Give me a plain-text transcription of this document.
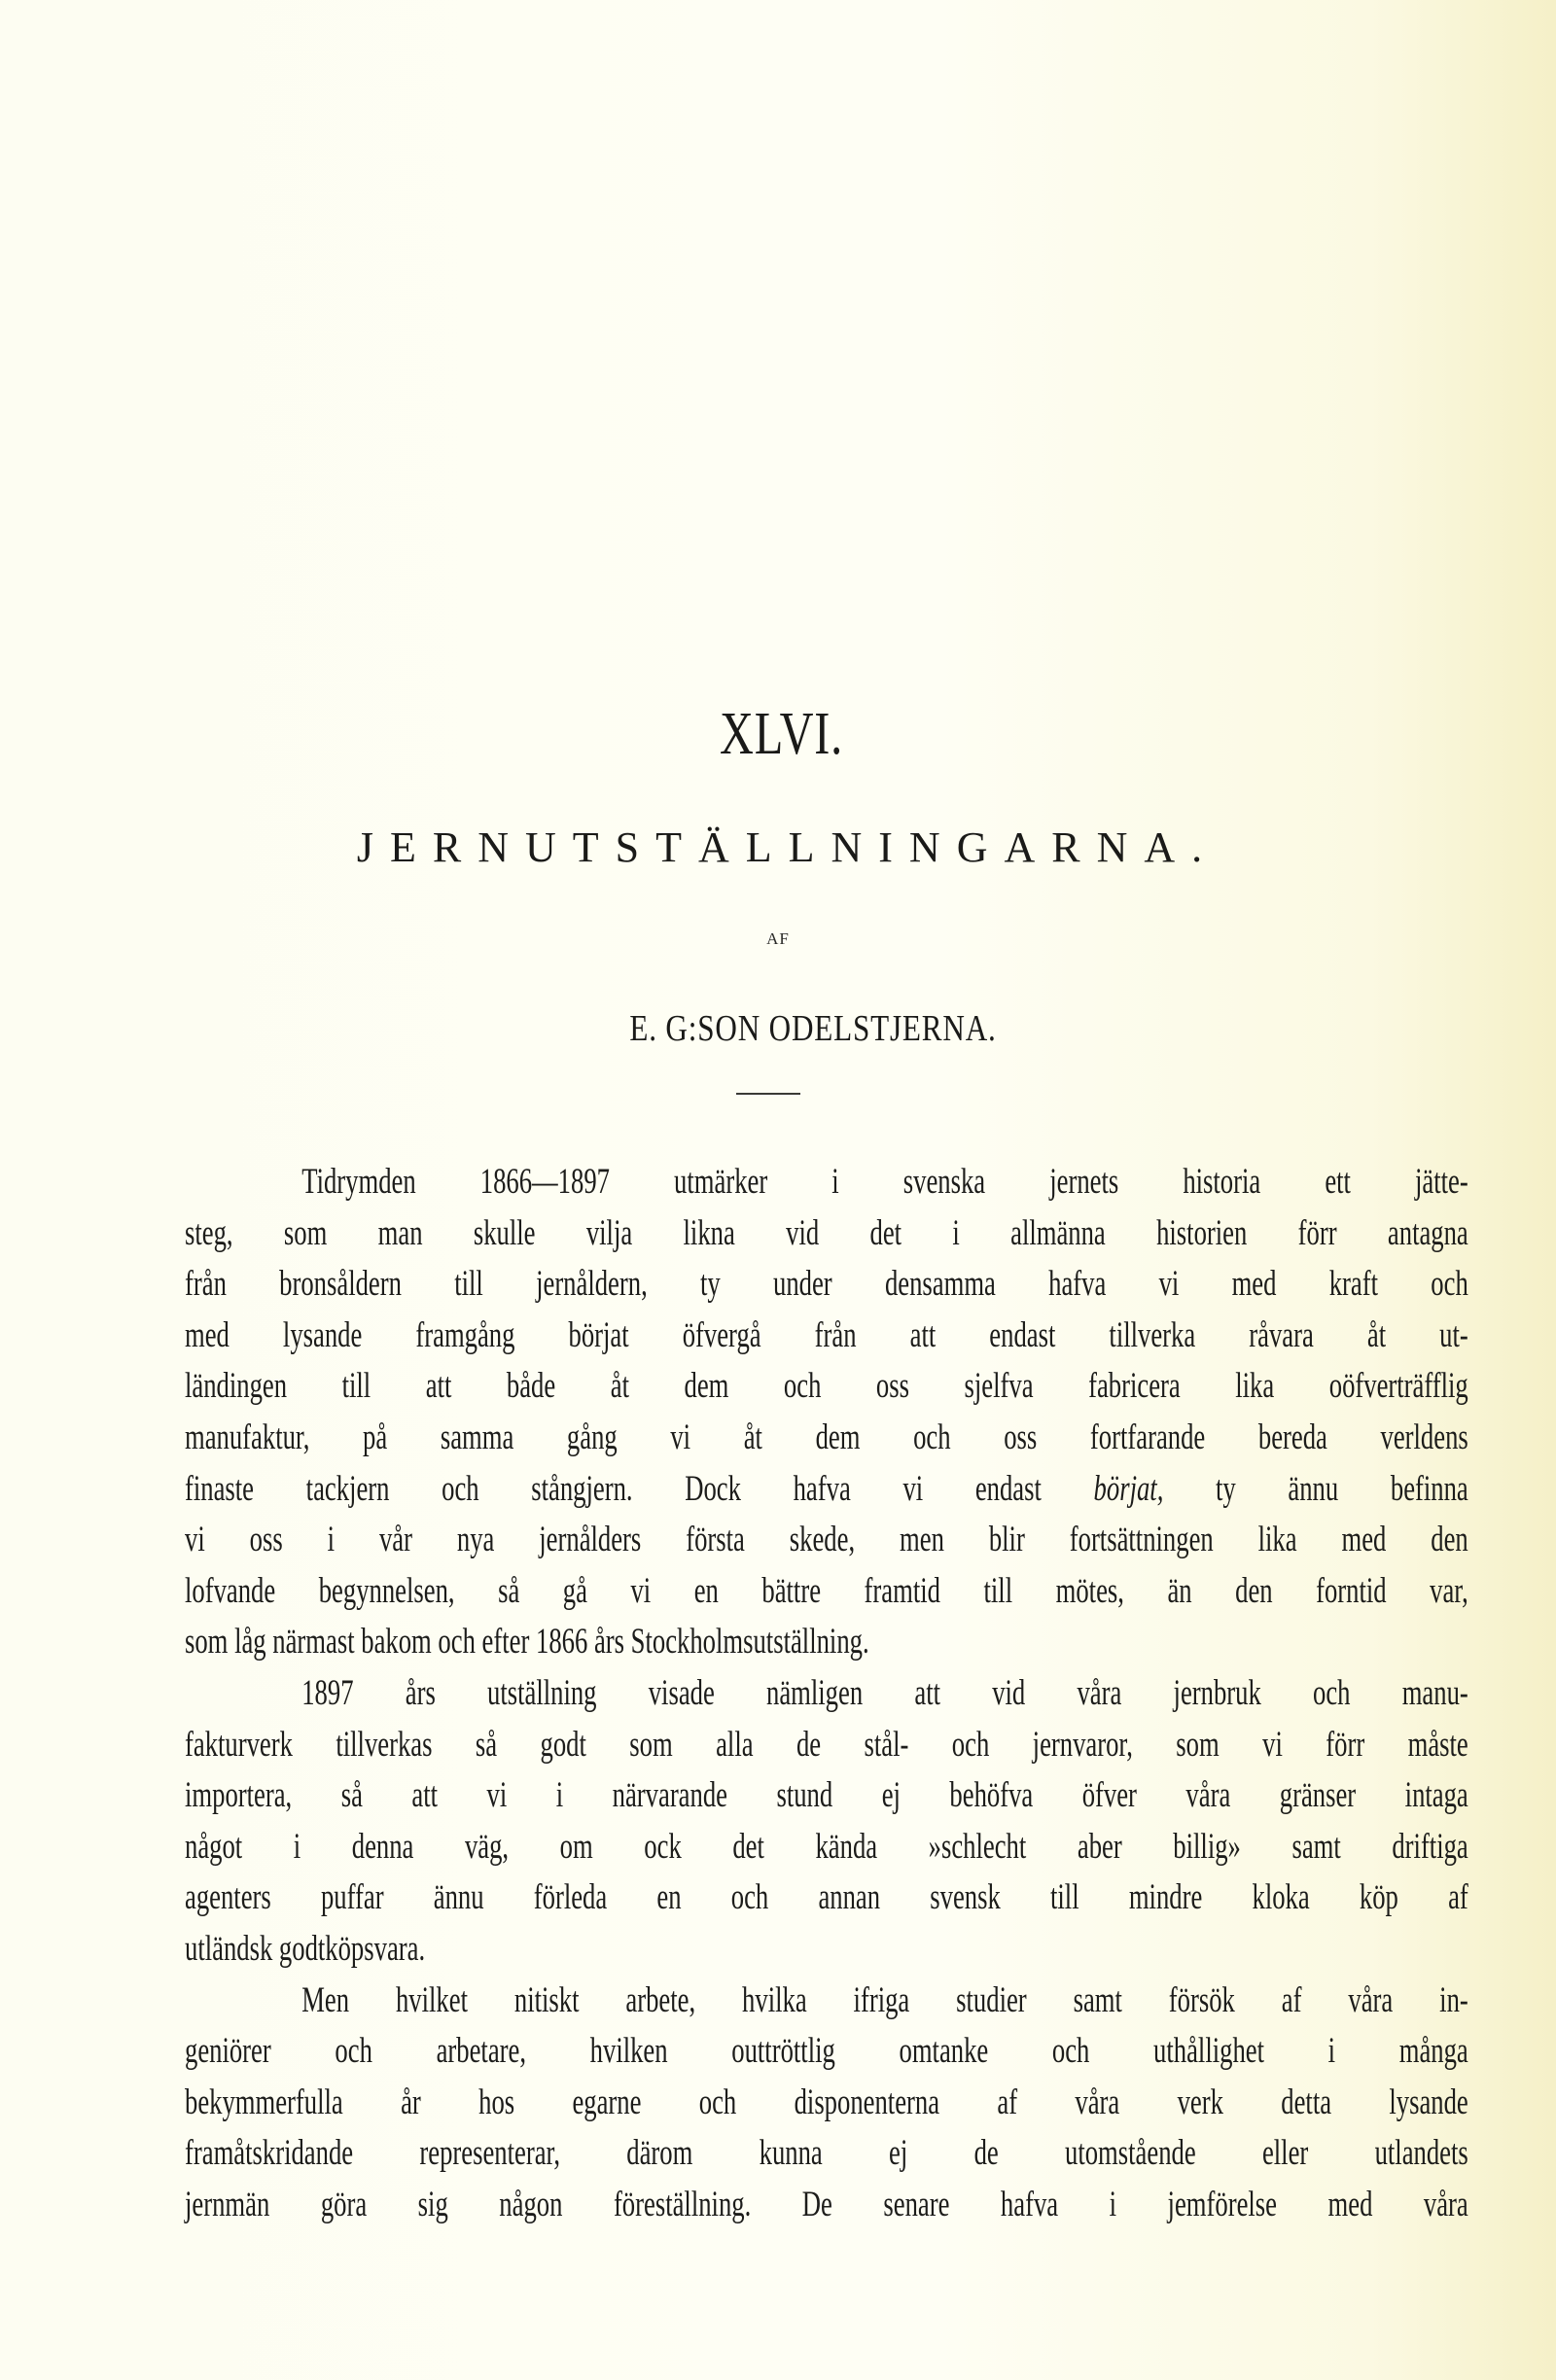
XLVI.
JERNUTSTÄLLNINGARNA.
AF
E. G:SON ODELSTJERNA.
Tidrymden 1866—1897 utmärker i svenska jernets historia ett jätte-
steg, som man skulle vilja likna vid det i allmänna historien förr antagna
från bronsåldern till jernåldern, ty under densamma hafva vi med kraft och
med lysande framgång börjat öfvergå från att endast tillverka råvara åt ut-
ländingen till att både åt dem och oss sjelfva fabricera lika oöfverträfflig
manufaktur, på samma gång vi åt dem och oss fortfarande bereda verldens
finaste tackjern och stångjern. Dock hafva vi endast börjat, ty ännu befinna
vi oss i vår nya jernålders första skede, men blir fortsättningen lika med den
lofvande begynnelsen, så gå vi en bättre framtid till mötes, än den forntid var,
som låg närmast bakom och efter 1866 års Stockholmsutställning.
1897 års utställning visade nämligen att vid våra jernbruk och manu-
fakturverk tillverkas så godt som alla de stål- och jernvaror, som vi förr måste
importera, så att vi i närvarande stund ej behöfva öfver våra gränser intaga
något i denna väg, om ock det kända »schlecht aber billig» samt driftiga
agenters puffar ännu förleda en och annan svensk till mindre kloka köp af
utländsk godtköpsvara.
Men hvilket nitiskt arbete, hvilka ifriga studier samt försök af våra in-
geniörer och arbetare, hvilken outtröttlig omtanke och uthållighet i många
bekymmerfulla år hos egarne och disponenterna af våra verk detta lysande
framåtskridande representerar, därom kunna ej de utomstående eller utlandets
jernmän göra sig någon föreställning. De senare hafva i jemförelse med våra
